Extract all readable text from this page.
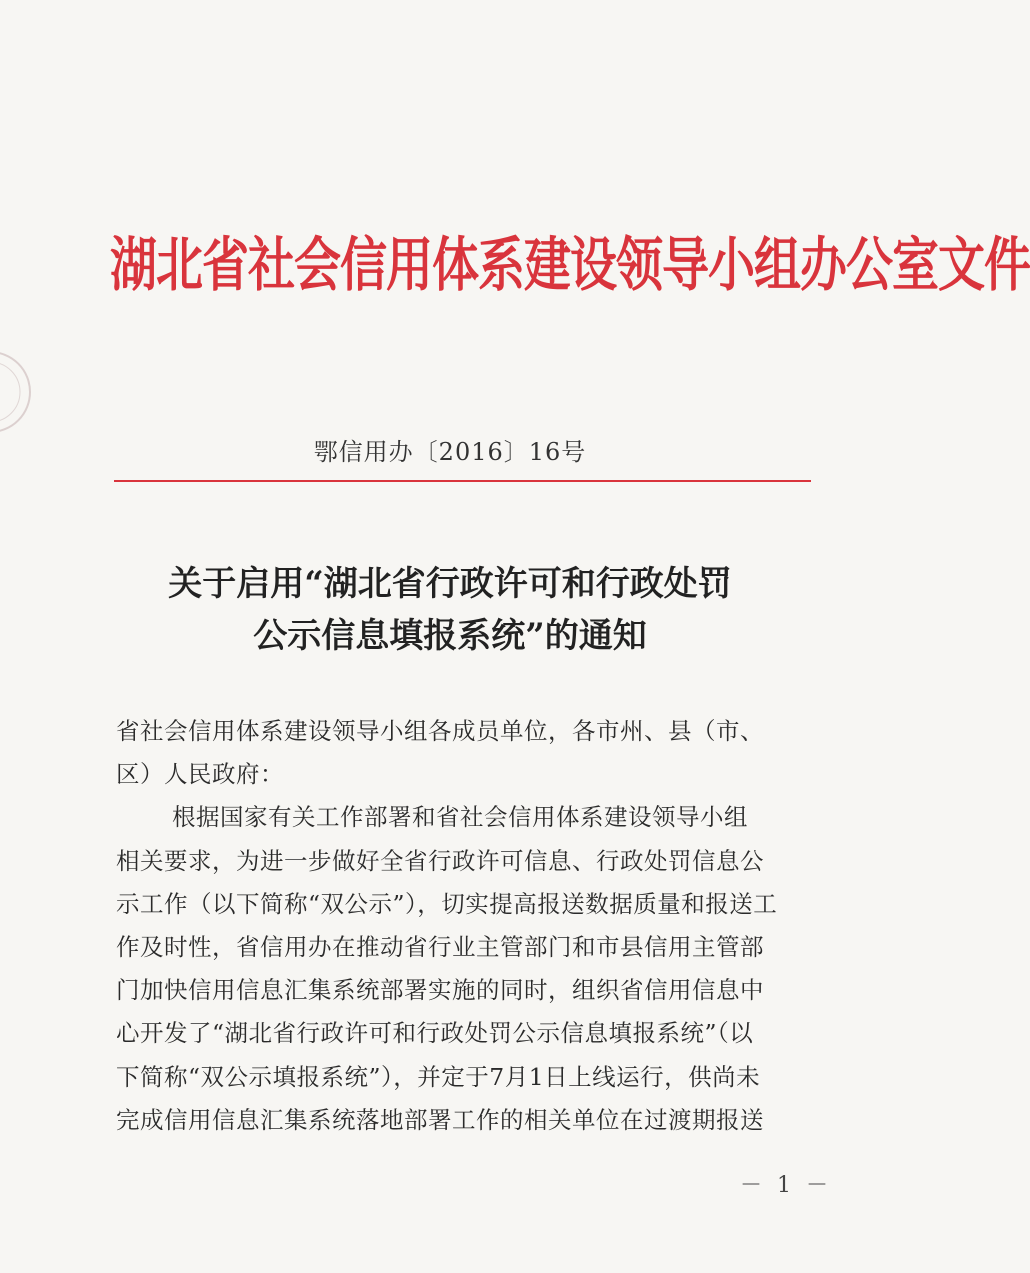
湖北省社会信用体系建设领导小组办公室文件
鄂信用办〔2016〕16号
关于启用“湖北省行政许可和行政处罚
公示信息填报系统”的通知

省社会信用体系建设领导小组各成员单位，各市州、县（市、

区）人民政府：

根据国家有关工作部署和省社会信用体系建设领导小组

相关要求，为进一步做好全省行政许可信息、行政处罚信息公

示工作（以下简称“双公示”），切实提高报送数据质量和报送工

作及时性，省信用办在推动省行业主管部门和市县信用主管部

门加快信用信息汇集系统部署实施的同时，组织省信用信息中

心开发了“湖北省行政许可和行政处罚公示信息填报系统”（以

下简称“双公示填报系统”），并定于7月1日上线运行，供尚未

完成信用信息汇集系统落地部署工作的相关单位在过渡期报送

－ 1 －
